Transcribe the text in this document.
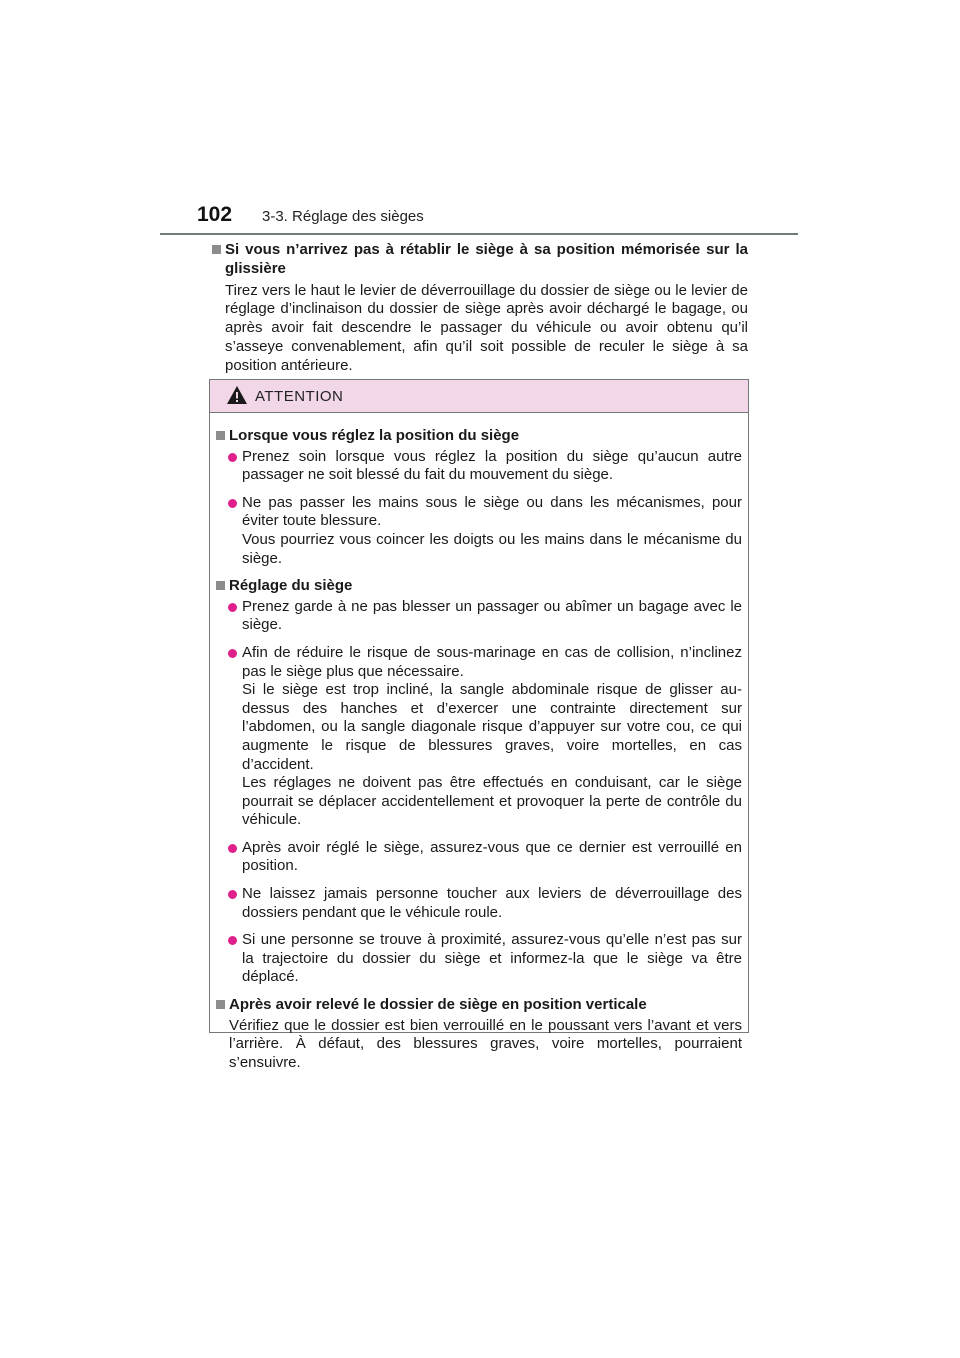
102 3-3. Réglage des sièges
Si vous n’arrivez pas à rétablir le siège à sa position mémorisée sur la glissière
Tirez vers le haut le levier de déverrouillage du dossier de siège ou le levier de réglage d’inclinaison du dossier de siège après avoir déchargé le bagage, ou après avoir fait descendre le passager du véhicule ou avoir obtenu qu’il s’asseye convenablement, afin qu’il soit possible de reculer le siège à sa position antérieure.
ATTENTION
Lorsque vous réglez la position du siège
Prenez soin lorsque vous réglez la position du siège qu’aucun autre passager ne soit blessé du fait du mouvement du siège.
Ne pas passer les mains sous le siège ou dans les mécanismes, pour éviter toute blessure.
Vous pourriez vous coincer les doigts ou les mains dans le mécanisme du siège.
Réglage du siège
Prenez garde à ne pas blesser un passager ou abîmer un bagage avec le siège.
Afin de réduire le risque de sous-marinage en cas de collision, n’inclinez pas le siège plus que nécessaire.
Si le siège est trop incliné, la sangle abdominale risque de glisser au-dessus des hanches et d’exercer une contrainte directement sur l’abdomen, ou la sangle diagonale risque d’appuyer sur votre cou, ce qui augmente le risque de blessures graves, voire mortelles, en cas d’accident.
Les réglages ne doivent pas être effectués en conduisant, car le siège pourrait se déplacer accidentellement et provoquer la perte de contrôle du véhicule.
Après avoir réglé le siège, assurez-vous que ce dernier est verrouillé en position.
Ne laissez jamais personne toucher aux leviers de déverrouillage des dossiers pendant que le véhicule roule.
Si une personne se trouve à proximité, assurez-vous qu’elle n’est pas sur la trajectoire du dossier du siège et informez-la que le siège va être déplacé.
Après avoir relevé le dossier de siège en position verticale
Vérifiez que le dossier est bien verrouillé en le poussant vers l’avant et vers l’arrière. À défaut, des blessures graves, voire mortelles, pourraient s’ensuivre.
